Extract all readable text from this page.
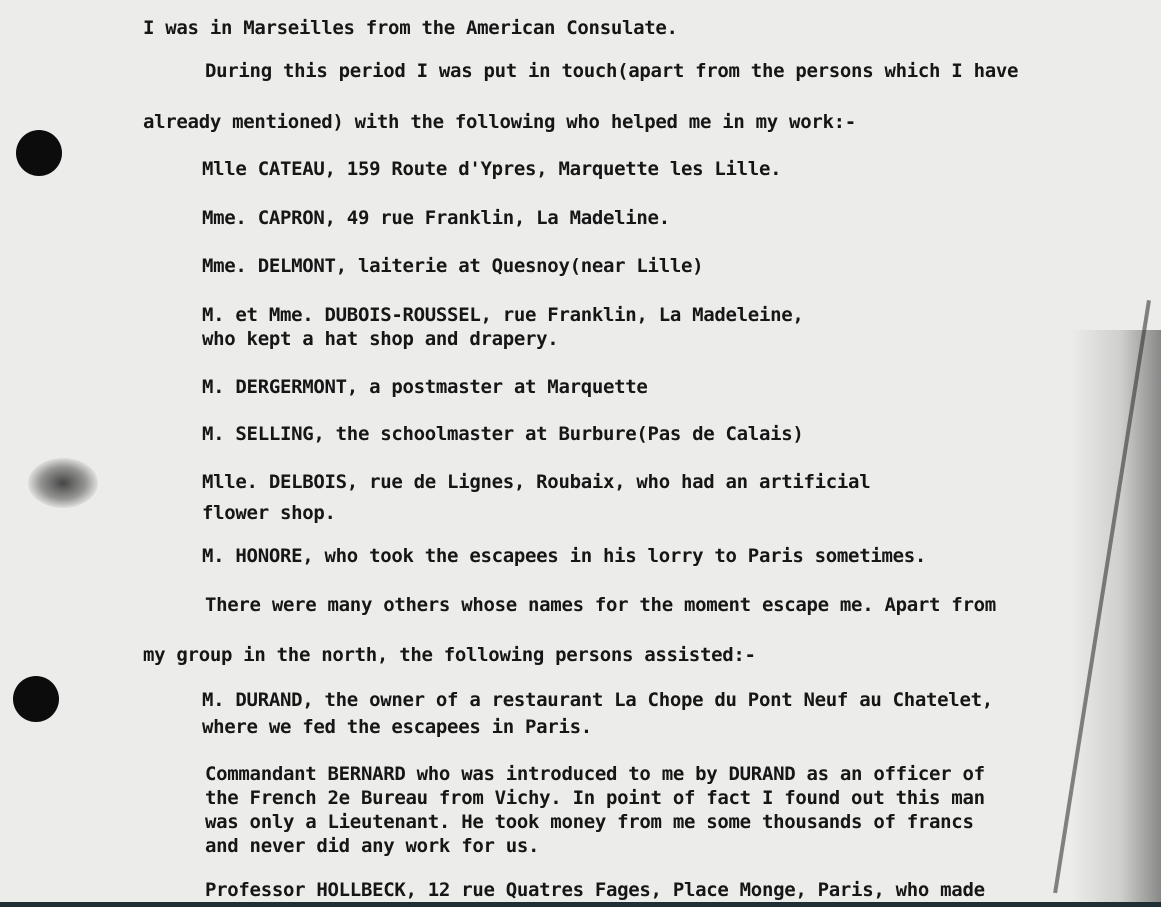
I was in Marseilles from the American Consulate.
During this period I was put in touch(apart from the persons which I have
already mentioned) with the following who helped me in my work:-
Mlle CATEAU, 159 Route d'Ypres, Marquette les Lille.
Mme. CAPRON, 49 rue Franklin, La Madeline.
Mme. DELMONT, laiterie at Quesnoy(near Lille)
M. et Mme. DUBOIS-ROUSSEL, rue Franklin, La Madeleine,
who kept a hat shop and drapery.
M. DERGERMONT, a postmaster at Marquette
M. SELLING, the schoolmaster at Burbure(Pas de Calais)
Mlle. DELBOIS, rue de Lignes, Roubaix, who had an artificial
flower shop.
M. HONORE, who took the escapees in his lorry to Paris sometimes.
There were many others whose names for the moment escape me. Apart from
my group in the north, the following persons assisted:-
M. DURAND, the owner of a restaurant La Chope du Pont Neuf au Chatelet,
where we fed the escapees in Paris.
Commandant BERNARD who was introduced to me by DURAND as an officer of
the French 2e Bureau from Vichy. In point of fact I found out this man
was only a Lieutenant. He took money from me some thousands of francs
and never did any work for us.
Professor HOLLBECK, 12 rue Quatres Fages, Place Monge, Paris, who made
